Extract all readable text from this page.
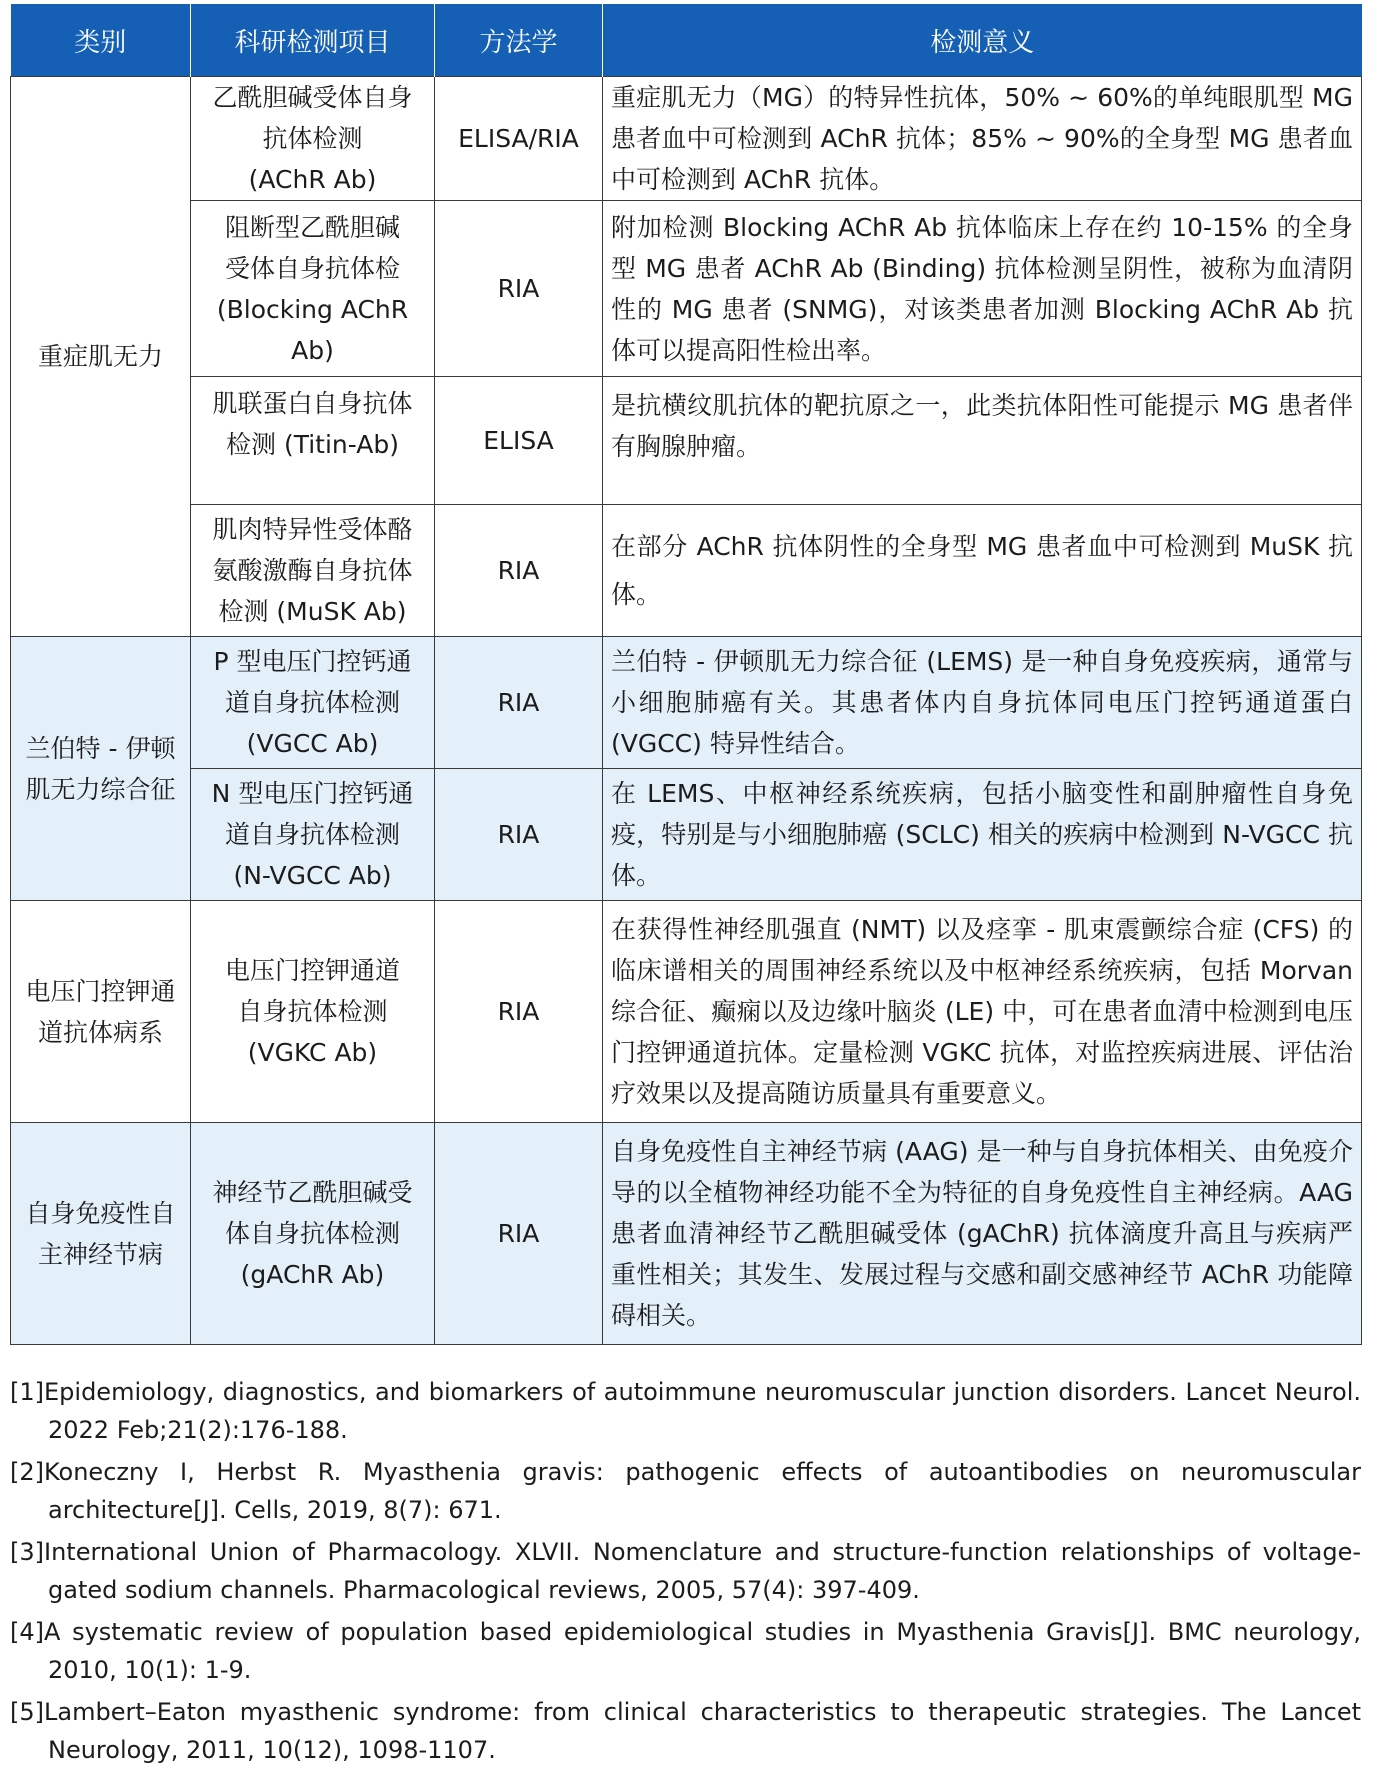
类别	科研检测项目	方法学	检测意义
重症肌无力	乙酰胆碱受体自身
抗体检测
(AChR Ab)	ELISA/RIA	重症肌无力（MG）的特异性抗体，50% ~ 60%的单纯眼肌型 MG 患者血中可检测到 AChR 抗体；85% ~ 90%的全身型 MG 患者血中可检测到 AChR 抗体。

	阻断型乙酰胆碱
受体自身抗体检
(Blocking AChR
Ab)	RIA	附加检测 Blocking AChR Ab 抗体临床上存在约 10-15% 的全身型 MG 患者 AChR Ab (Binding) 抗体检测呈阴性，被称为血清阴性的 MG 患者 (SNMG)，对该类患者加测 Blocking AChR Ab 抗体可以提高阳性检出率。

	肌联蛋白自身抗体
检测 (Titin-Ab)	ELISA	是抗横纹肌抗体的靶抗原之一，此类抗体阳性可能提示 MG 患者伴有胸腺肿瘤。

	肌肉特异性受体酪
氨酸激酶自身抗体
检测 (MuSK Ab)	RIA	在部分 AChR 抗体阴性的全身型 MG 患者血中可检测到 MuSK 抗体。
兰伯特 - 伊顿肌无力综合征	P 型电压门控钙通
道自身抗体检测
(VGCC Ab)	RIA	兰伯特 - 伊顿肌无力综合征 (LEMS) 是一种自身免疫疾病，通常与小细胞肺癌有关。其患者体内自身抗体同电压门控钙通道蛋白 (VGCC) 特异性结合。

	N 型电压门控钙通
道自身抗体检测
(N-VGCC Ab)	RIA	在 LEMS、中枢神经系统疾病，包括小脑变性和副肿瘤性自身免疫，特别是与小细胞肺癌 (SCLC) 相关的疾病中检测到 N-VGCC 抗体。
电压门控钾通道抗体病系	电压门控钾通道
自身抗体检测
(VGKC Ab)	RIA	在获得性神经肌强直 (NMT) 以及痉挛 - 肌束震颤综合症 (CFS) 的临床谱相关的周围神经系统以及中枢神经系统疾病，包括 Morvan 综合征、癫痫以及边缘叶脑炎 (LE) 中，可在患者血清中检测到电压门控钾通道抗体。定量检测 VGKC 抗体，对监控疾病进展、评估治疗效果以及提高随访质量具有重要意义。
自身免疫性自主神经节病	神经节乙酰胆碱受
体自身抗体检测
(gAChR Ab)	RIA	自身免疫性自主神经节病 (AAG) 是一种与自身抗体相关、由免疫介导的以全植物神经功能不全为特征的自身免疫性自主神经病。AAG 患者血清神经节乙酰胆碱受体 (gAChR) 抗体滴度升高且与疾病严重性相关；其发生、发展过程与交感和副交感神经节 AChR 功能障碍相关。
[1]Epidemiology, diagnostics, and biomarkers of autoimmune neuromuscular junction disorders. Lancet Neurol. 2022 Feb;21(2):176-188.
[2]Koneczny I, Herbst R. Myasthenia gravis: pathogenic effects of autoantibodies on neuromuscular architecture[J]. Cells, 2019, 8(7): 671.
[3]International Union of Pharmacology. XLVII. Nomenclature and structure-function relationships of voltage-gated sodium channels. Pharmacological reviews, 2005, 57(4): 397-409.
[4]A systematic review of population based epidemiological studies in Myasthenia Gravis[J]. BMC neurology, 2010, 10(1): 1-9.
[5]Lambert–Eaton myasthenic syndrome: from clinical characteristics to therapeutic strategies. The Lancet Neurology, 2011, 10(12), 1098-1107.
